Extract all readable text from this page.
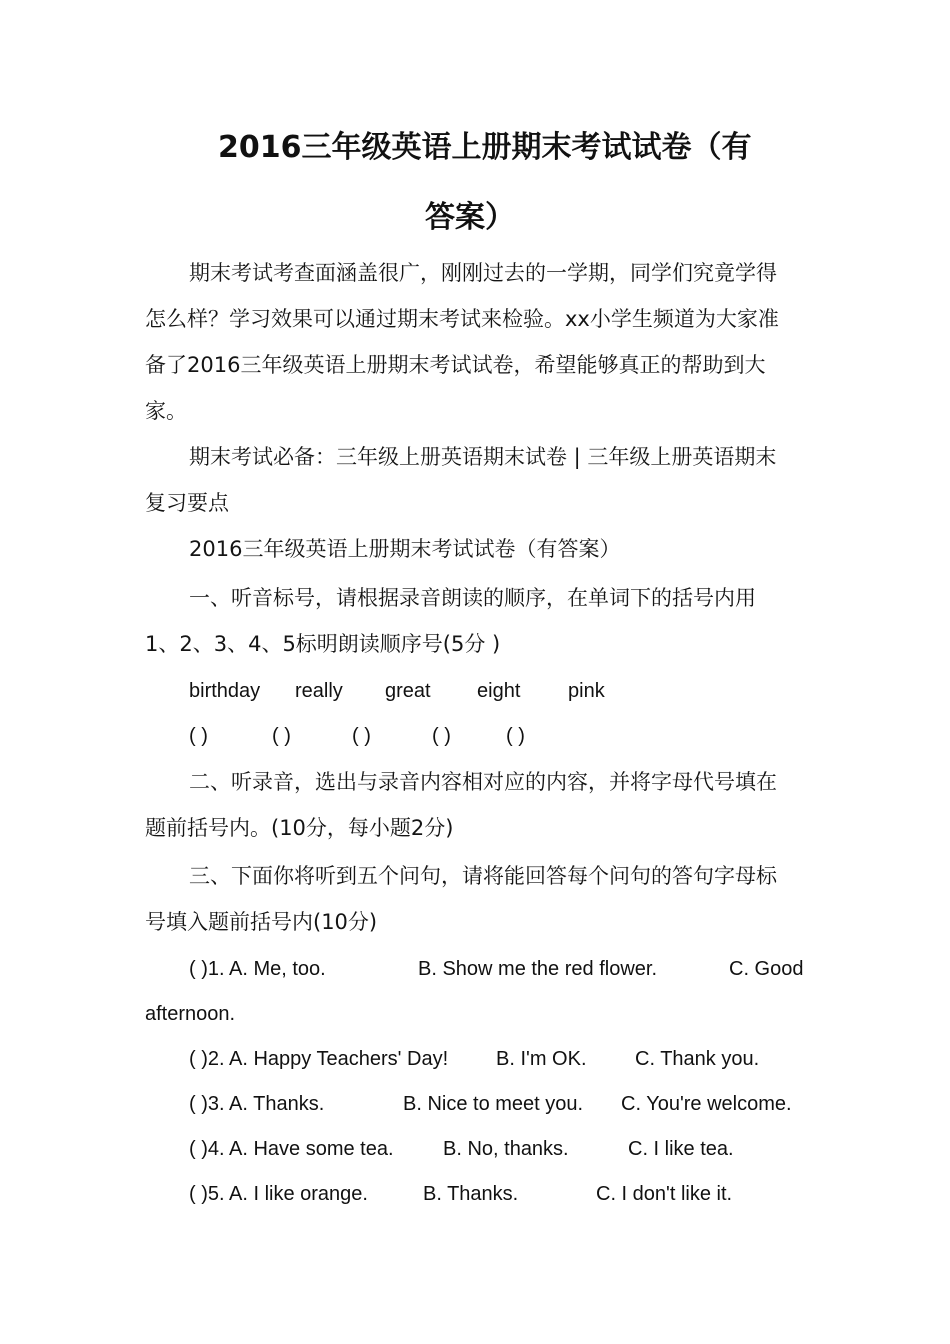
2016三年级英语上册期末考试试卷（有
答案）
期末考试考查面涵盖很广，刚刚过去的一学期，同学们究竟学得
怎么样？学习效果可以通过期末考试来检验。xx小学生频道为大家准
备了2016三年级英语上册期末考试试卷，希望能够真正的帮助到大
家。
期末考试必备：三年级上册英语期末试卷 | 三年级上册英语期末
复习要点
2016三年级英语上册期末考试试卷（有答案）
一、听音标号，请根据录音朗读的顺序，在单词下的括号内用
1、2、3、4、5标明朗读顺序号(5分 )
birthday really great eight pink
( )	( )	( )	( )	( )
二、听录音，选出与录音内容相对应的内容，并将字母代号填在
题前括号内。(10分，每小题2分)
三、下面你将听到五个问句，请将能回答每个问句的答句字母标
号填入题前括号内(10分)
( )1. A. Me, too.	B. Show me the red flower.	C. Good
afternoon.
( )2. A. Happy Teachers' Day! B. I'm OK. C. Thank you.
( )3. A. Thanks.	B. Nice to meet you. C. You're welcome.
( )4. A. Have some tea. B. No, thanks.	C. I like tea.
( )5. A. I like orange.	B. Thanks.	C. I don't like it.
